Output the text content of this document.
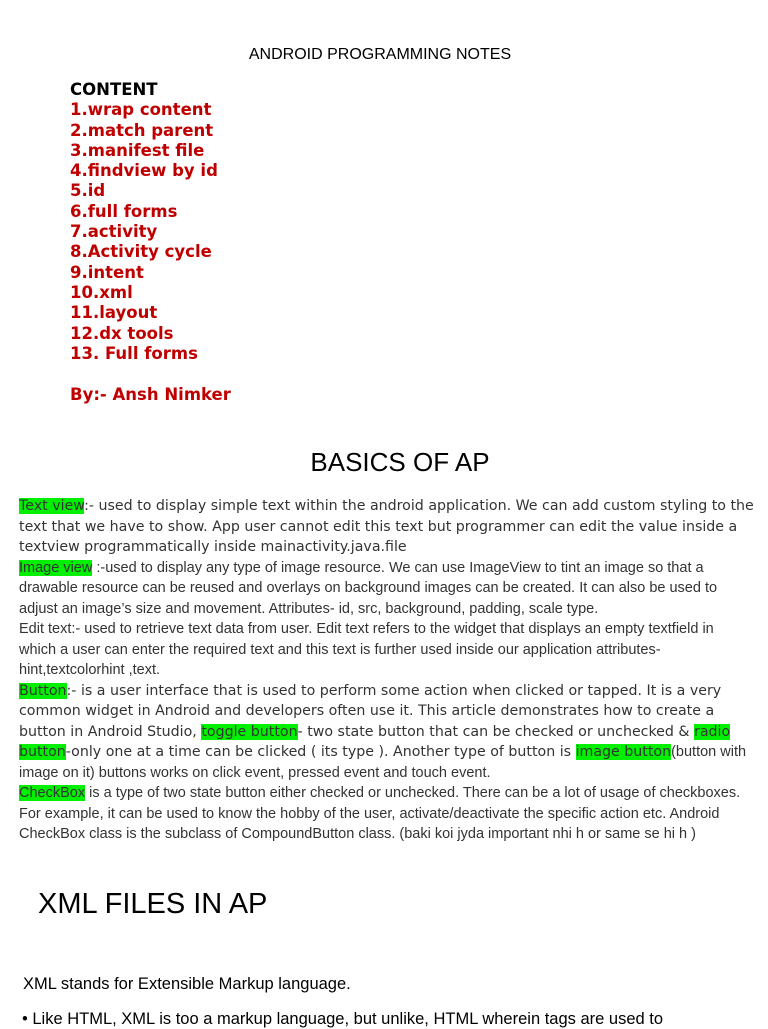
ANDROID PROGRAMMING NOTES
CONTENT
1.wrap content
2.match parent
3.manifest file
4.findview by id
5.id
6.full forms
7.activity
8.Activity cycle
9.intent
10.xml
11.layout
12.dx tools
13. Full forms
By:- Ansh Nimker
BASICS OF AP

Text view:- used to display simple text within the android application. We can add custom styling to the text that we have to show. App user cannot edit this text but programmer can edit the value inside a textview programmatically inside mainactivity.java.file

Image view :-used to display any type of image resource. We can use ImageView to tint an image so that a drawable resource can be reused and overlays on background images can be created. It can also be used to adjust an image’s size and movement. Attributes- id, src, background, padding, scale type.

Edit text:- used to retrieve text data from user. Edit text refers to the widget that displays an empty textfield in which a user can enter the required text and this text is further used inside our application attributes- hint,textcolorhint ,text.

Button:- is a user interface that is used to perform some action when clicked or tapped. It is a very common widget in Android and developers often use it. This article demonstrates how to create a button in Android Studio, toggle button- two state button that can be checked or unchecked & radio button-only one at a time can be clicked ( its type ). Another type of button is image button(button with image on it) buttons works on click event, pressed event and touch event.

CheckBox is a type of two state button either checked or unchecked. There can be a lot of usage of checkboxes. For example, it can be used to know the hobby of the user, activate/deactivate the specific action etc. Android CheckBox class is the subclass of CompoundButton class. (baki koi jyda important nhi h or same se hi h )

XML FILES IN AP
XML stands for Extensible Markup language.
• Like HTML, XML is too a markup language, but unlike, HTML wherein tags are used to
